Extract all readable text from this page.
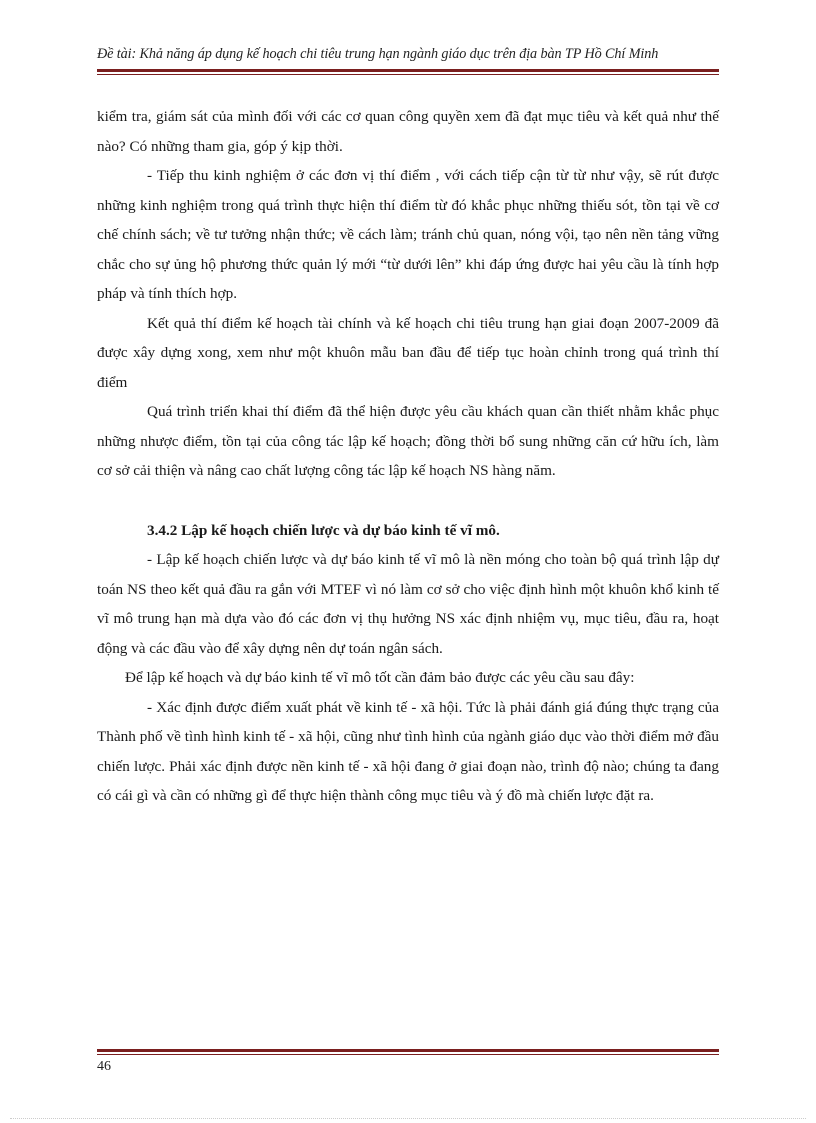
Đề tài: Khả năng áp dụng kế hoạch chi tiêu trung hạn ngành giáo dục trên địa bàn TP Hồ Chí Minh

kiểm tra, giám sát của mình đối với các cơ quan công quyền xem đã đạt mục tiêu và kết quả như thế nào? Có những tham gia, góp ý kịp thời.

- Tiếp thu kinh nghiệm ở các đơn vị thí điểm , với cách tiếp cận từ từ như vậy, sẽ rút được những kinh nghiệm trong quá trình thực hiện thí điểm từ đó khắc phục những thiếu sót, tồn tại về cơ chế chính sách; về tư tưởng nhận thức; về cách làm; tránh chủ quan, nóng vội, tạo nên nền tảng vững chắc cho sự ủng hộ phương thức quản lý mới “từ dưới lên” khi đáp ứng được hai yêu cầu là tính hợp pháp và tính thích hợp.

Kết quả thí điểm kế hoạch tài chính và kế hoạch chi tiêu trung hạn giai đoạn 2007-2009 đã được xây dựng xong, xem như một khuôn mẫu ban đầu để tiếp tục hoàn chỉnh trong quá trình thí điểm

Quá trình triển khai thí điểm đã thể hiện được yêu cầu khách quan cần thiết nhằm khắc phục những nhược điểm, tồn tại của công tác lập kế hoạch; đồng thời bổ sung những căn cứ hữu ích, làm cơ sở cải thiện và nâng cao chất lượng công tác lập kế hoạch NS hàng năm.

3.4.2 Lập kế hoạch chiến lược và dự báo kinh tế vĩ mô.

- Lập kế hoạch chiến lược và dự báo kinh tế vĩ mô là nền móng cho toàn bộ quá trình lập dự toán NS theo kết quả đầu ra gắn với MTEF vì nó làm cơ sở cho việc định hình một khuôn khổ kinh tế vĩ mô trung hạn mà dựa vào đó các đơn vị thụ hưởng NS xác định nhiệm vụ, mục tiêu, đầu ra, hoạt động và các đầu vào để xây dựng nên dự toán ngân sách.

Để lập kế hoạch và dự báo kinh tế vĩ mô tốt cần đảm bảo được các yêu cầu sau đây:

- Xác định được điểm xuất phát về kinh tế - xã hội. Tức là phải đánh giá đúng thực trạng của Thành phố về tình hình kinh tế - xã hội, cũng như tình hình của ngành giáo dục vào thời điểm mở đầu chiến lược. Phải xác định được nền kinh tế - xã hội đang ở giai đoạn nào, trình độ nào; chúng ta đang có cái gì và cần có những gì để thực hiện thành công mục tiêu và ý đồ mà chiến lược đặt ra.

46
